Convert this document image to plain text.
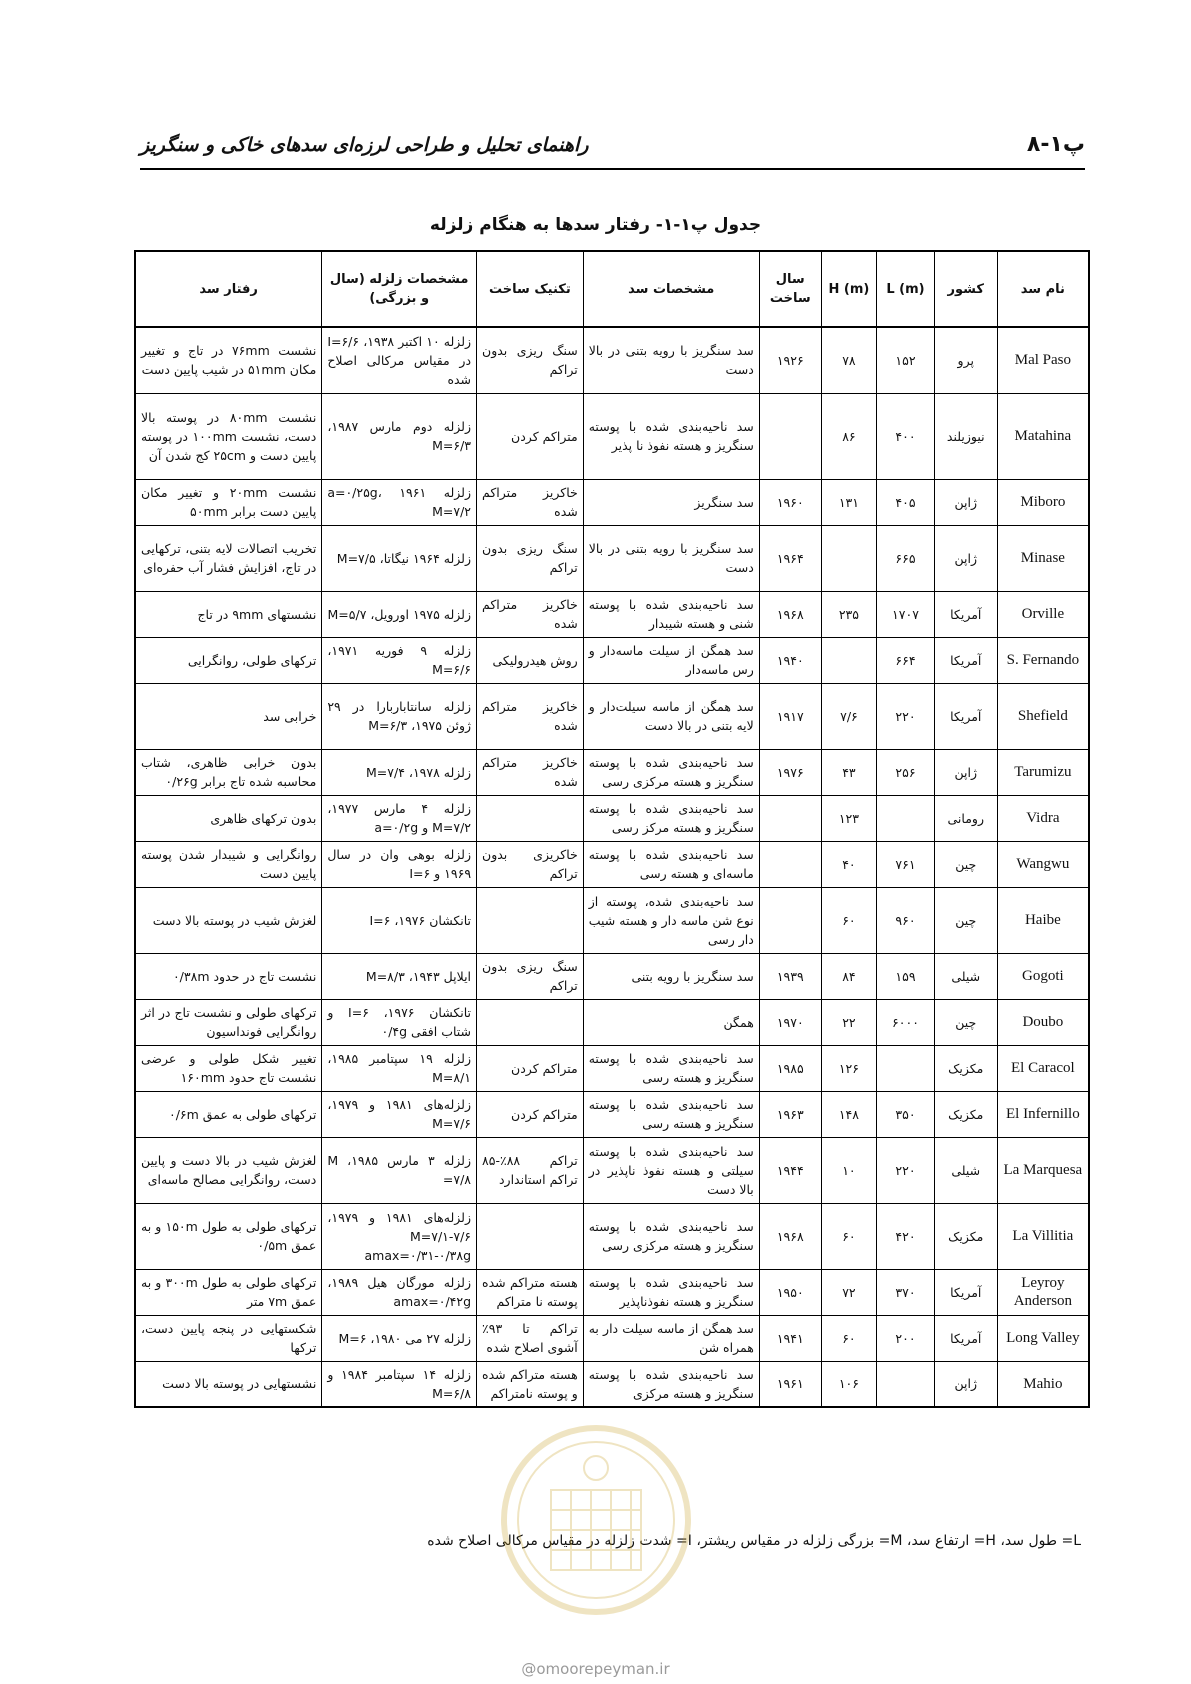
پ۱-۸
راهنمای تحلیل و طراحی لرزه‌ای سدهای خاکی و سنگریز
جدول پ۱-۱- رفتار سدها به هنگام زلزله
نام سد	کشور	L (m)	H (m)	سال ساخت	مشخصات سد	تکنیک ساخت	مشخصات زلزله (سال و بزرگی)	رفتار سد
Mal Paso	پرو	۱۵۲	۷۸	۱۹۲۶	سد سنگریز با رویه بتنی در بالا دست	سنگ ریزی بدون تراکم	زلزله ۱۰ اکتبر ۱۹۳۸، I=۶/۶ در مقیاس مرکالی اصلاح شده	نشست ۷۶mm در تاج و تغییر مکان ۵۱mm در شیب پایین دست
Matahina	نیوزیلند	۴۰۰	۸۶		سد ناحیه‌بندی شده با پوسته سنگریز و هسته نفوذ نا پذیر	متراکم کردن	زلزله دوم مارس ۱۹۸۷، M=۶/۳	نشست ۸۰mm در پوسته بالا دست، نشست ۱۰۰mm در پوسته پایین دست و ۲۵cm کج شدن آن
Miboro	ژاپن	۴۰۵	۱۳۱	۱۹۶۰	سد سنگریز	خاکریز متراکم شده	زلزله ۱۹۶۱ a=۰/۲۵g، M=۷/۲	نشست ۲۰mm و تغییر مکان پایین دست برابر ۵۰mm
Minase	ژاپن	۶۶۵		۱۹۶۴	سد سنگریز با رویه بتنی در بالا دست	سنگ ریزی بدون تراکم	زلزله ۱۹۶۴ نیگاتا، M=۷/۵	تخریب اتصالات لایه بتنی، ترکهایی در تاج، افزایش فشار آب حفره‌ای
Orville	آمریکا	۱۷۰۷	۲۳۵	۱۹۶۸	سد ناحیه‌بندی شده با پوسته شنی و هسته شیبدار	خاکریز متراکم شده	زلزله ۱۹۷۵ اورویل، M=۵/۷	نشستهای ۹mm در تاج
S. Fernando	آمریکا	۶۶۴		۱۹۴۰	سد همگن از سیلت ماسه‌دار و رس ماسه‌دار	روش هیدرولیکی	زلزله ۹ فوریه ۱۹۷۱، M=۶/۶	ترکهای طولی، روانگرایی
Shefield	آمریکا	۲۲۰	۷/۶	۱۹۱۷	سد همگن از ماسه سیلت‌دار و لایه بتنی در بالا دست	خاکریز متراکم شده	زلزله سانتاباربارا در ۲۹ ژوئن ۱۹۷۵، M=۶/۳	خرابی سد
Tarumizu	ژاپن	۲۵۶	۴۳	۱۹۷۶	سد ناحیه‌بندی شده با پوسته سنگریز و هسته مرکزی رسی	خاکریز متراکم شده	زلزله ۱۹۷۸، M=۷/۴	بدون خرابی ظاهری، شتاب محاسبه شده تاج برابر ۰/۲۶g
Vidra	رومانی		۱۲۳		سد ناحیه‌بندی شده با پوسته سنگریز و هسته مرکز رسی		زلزله ۴ مارس ۱۹۷۷، M=۷/۲ و a=۰/۲g	بدون ترکهای ظاهری
Wangwu	چین	۷۶۱	۴۰		سد ناحیه‌بندی شده با پوسته ماسه‌ای و هسته رسی	خاکریزی بدون تراکم	زلزله بوهی وان در سال ۱۹۶۹ و I=۶	روانگرایی و شیبدار شدن پوسته پایین دست
Haibe	چین	۹۶۰	۶۰		سد ناحیه‌بندی شده، پوسته از نوع شن ماسه دار و هسته شیب دار رسی		تانکشان ۱۹۷۶، I=۶	لغزش شیب در پوسته بالا دست
Gogoti	شیلی	۱۵۹	۸۴	۱۹۳۹	سد سنگریز با رویه بتنی	سنگ ریزی بدون تراکم	ایلاپل ۱۹۴۳، M=۸/۳	نشست تاج در حدود ۰/۳۸m
Doubo	چین	۶۰۰۰	۲۲	۱۹۷۰	همگن		تانکشان ۱۹۷۶، I=۶ و شتاب افقی ۰/۴g	ترکهای طولی و نشست تاج در اثر روانگرایی فونداسیون
El Caracol	مکزیک		۱۲۶	۱۹۸۵	سد ناحیه‌بندی شده با پوسته سنگریز و هسته رسی	متراکم کردن	زلزله ۱۹ سپتامبر ۱۹۸۵، M=۸/۱	تغییر شکل طولی و عرضی نشست تاج حدود ۱۶۰mm
El Infernillo	مکزیک	۳۵۰	۱۴۸	۱۹۶۳	سد ناحیه‌بندی شده با پوسته سنگریز و هسته رسی	متراکم کردن	زلزله‌های ۱۹۸۱ و ۱۹۷۹، M=۷/۶	ترکهای طولی به عمق ۰/۶m
La Marquesa	شیلی	۲۲۰	۱۰	۱۹۴۴	سد ناحیه‌بندی شده با پوسته سیلتی و هسته نفوذ ناپذیر در بالا دست	تراکم ۸۸٪-۸۵ تراکم استاندارد	زلزله ۳ مارس ۱۹۸۵، M =۷/۸	لغزش شیب در بالا دست و پایین دست، روانگرایی مصالح ماسه‌ای
La Villitia	مکزیک	۴۲۰	۶۰	۱۹۶۸	سد ناحیه‌بندی شده با پوسته سنگریز و هسته مرکزی رسی		زلزله‌های ۱۹۸۱ و ۱۹۷۹، M=۷/۱-۷/۶ amax=۰/۳۱-۰/۳۸g	ترکهای طولی به طول ۱۵۰m و به عمق ۰/۵m
Leyroy Anderson	آمریکا	۳۷۰	۷۲	۱۹۵۰	سد ناحیه‌بندی شده با پوسته سنگریز و هسته نفوذناپذیر	هسته متراکم شده پوسته نا متراکم	زلزله مورگان هیل ۱۹۸۹، amax=۰/۴۲g	ترکهای طولی به طول ۳۰۰m و به عمق ۷m متر
Long Valley	آمریکا	۲۰۰	۶۰	۱۹۴۱	سد همگن از ماسه سیلت دار به همراه شن	تراکم تا ۹۳٪ آشوی اصلاح شده	زلزله ۲۷ می ۱۹۸۰، M=۶	شکستهایی در پنجه پایین دست، ترکها
Mahio	ژاپن		۱۰۶	۱۹۶۱	سد ناحیه‌بندی شده با پوسته سنگریز و هسته مرکزی	هسته متراکم شده و پوسته نامتراکم	زلزله ۱۴ سپتامبر ۱۹۸۴ و M=۶/۸	نشستهایی در پوسته بالا دست
L= طول سد، H= ارتفاع سد، M= بزرگی زلزله در مقیاس ریشتر، I= شدت زلزله در مقیاس مرکالی اصلاح شده
@omoorepeyman.ir
